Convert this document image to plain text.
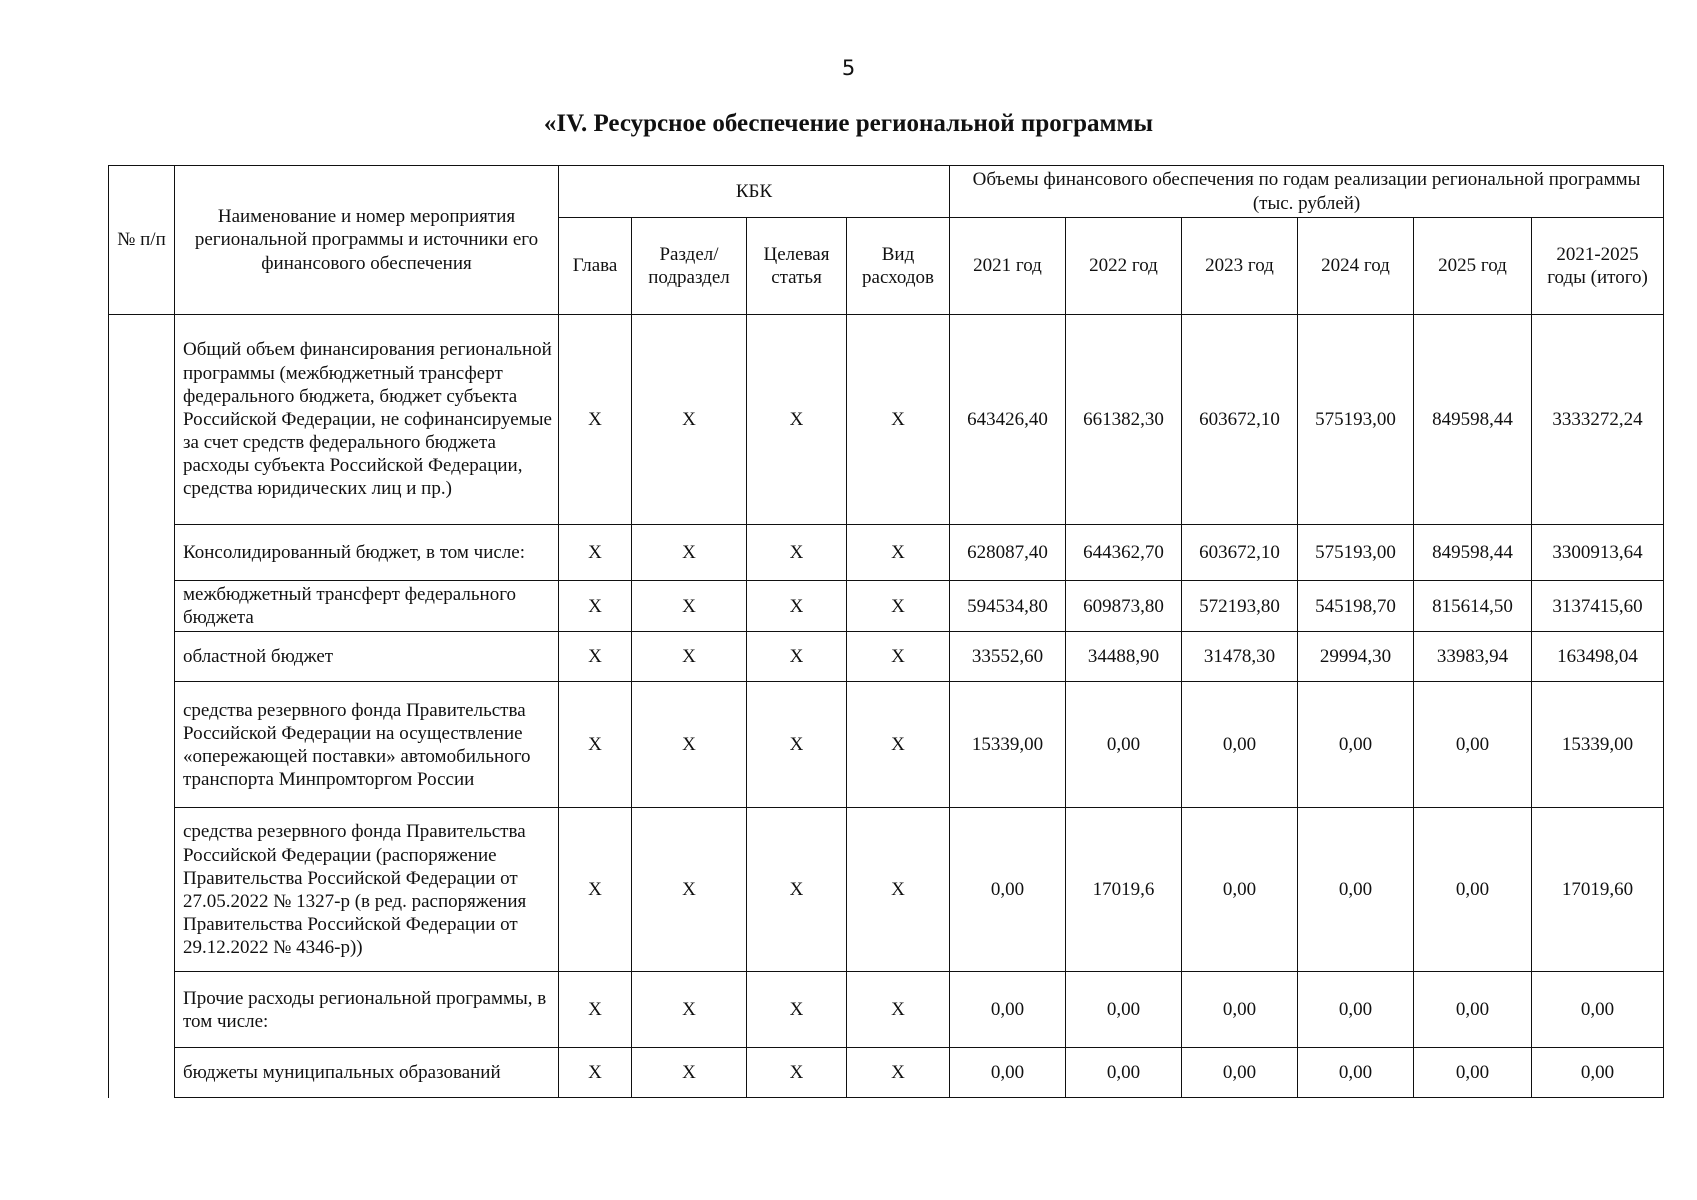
5
«IV. Ресурсное обеспечение региональной программы
№ п/п	Наименование и номер мероприятия региональной программы и источники его финансового обеспечения	КБК				Объемы финансового обеспечения по годам реализации региональной программы (тыс. рублей)					
		Глава	Раздел/ подраздел	Целевая статья	Вид расходов	2021 год	2022 год	2023 год	2024 год	2025 год	2021-2025 годы (итого)
	Общий объем финансирования региональной программы (межбюджетный трансферт федерального бюджета, бюджет субъекта Российской Федерации, не софинансируемые за счет средств федерального бюджета расходы субъекта Российской Федерации, средства юридических лиц и пр.)	X	X	X	X	643426,40	661382,30	603672,10	575193,00	849598,44	3333272,24
	Консолидированный бюджет, в том числе:	X	X	X	X	628087,40	644362,70	603672,10	575193,00	849598,44	3300913,64
	межбюджетный трансферт федерального бюджета	X	X	X	X	594534,80	609873,80	572193,80	545198,70	815614,50	3137415,60
	областной бюджет	X	X	X	X	33552,60	34488,90	31478,30	29994,30	33983,94	163498,04
	средства резервного фонда Правительства Российской Федерации на осуществление «опережающей поставки» автомобильного транспорта Минпромторгом России	X	X	X	X	15339,00	0,00	0,00	0,00	0,00	15339,00
	средства резервного фонда Правительства Российской Федерации (распоряжение Правительства Российской Федерации от 27.05.2022 № 1327-р (в ред. распоряжения Правительства Российской Федерации от 29.12.2022 № 4346-р))	X	X	X	X	0,00	17019,6	0,00	0,00	0,00	17019,60
	Прочие расходы региональной программы, в том числе:	X	X	X	X	0,00	0,00	0,00	0,00	0,00	0,00
	бюджеты муниципальных образований	X	X	X	X	0,00	0,00	0,00	0,00	0,00	0,00
